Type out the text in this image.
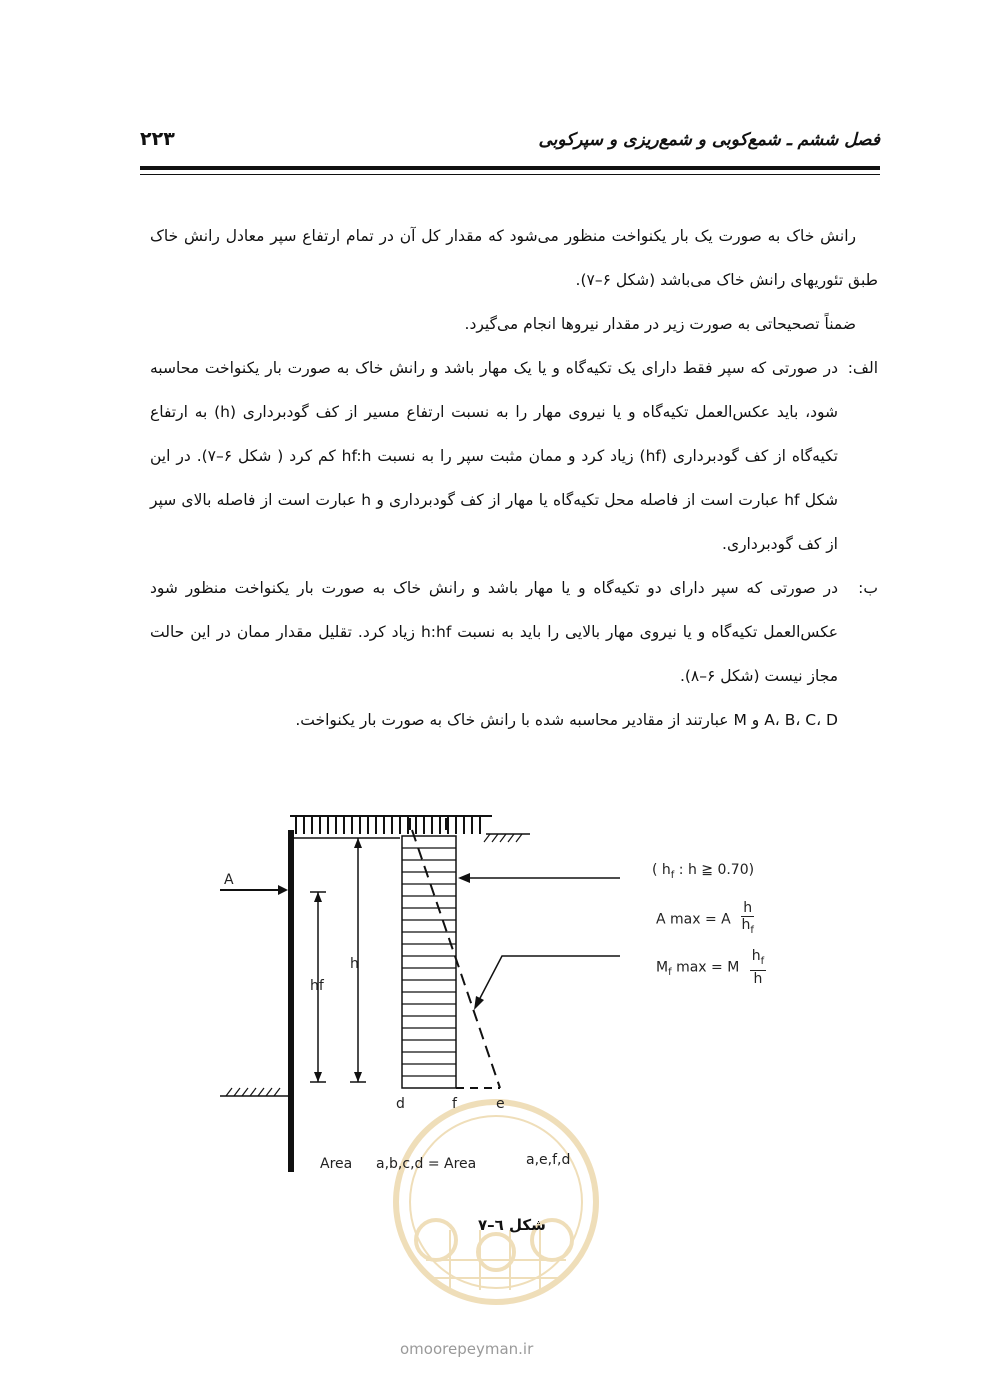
فصل ششم ـ شمع‌کوبی و شمع‌ریزی و سپرکوبی
۲۲۳
رانش خاک به صورت یک بار یکنواخت منظور می‌شود که مقدار کل آن در تمام ارتفاع سپر معادل رانش خاک طبق تئوریهای رانش خاک می‌باشد (شکل ۶–۷).
ضمناً تصحیحاتی به صورت زیر در مقدار نیروها انجام می‌گیرد.
الف:
در صورتی که سپر فقط دارای یک تکیه‌گاه و یا یک مهار باشد و رانش خاک به صورت بار یکنواخت محاسبه شود، باید عکس‌العمل تکیه‌گاه و یا نیروی مهار را به نسبت ارتفاع مسیر از کف گودبرداری (h) به ارتفاع تکیه‌گاه از کف گودبرداری (hf) زیاد کرد و ممان مثبت سپر را به نسبت hf:h کم کرد ( شکل ۶–۷). در این شکل hf عبارت است از فاصله محل تکیه‌گاه یا مهار از کف گودبرداری و h عبارت است از فاصله بالای سپر از کف گودبرداری.
ب:
در صورتی که سپر دارای دو تکیه‌گاه و یا مهار باشد و رانش خاک به صورت بار یکنواخت منظور شود عکس‌العمل تکیه‌گاه و یا نیروی مهار بالایی را باید به نسبت h:hf زیاد کرد. تقلیل مقدار ممان در این حالت مجاز نیست (شکل ۶–۸).
A، B، C، D و M عبارتند از مقادیر محاسبه شده با رانش خاک به صورت بار یکنواخت.
A
hf
h
d	f	e
Area a,b,c,d = Area	a,e,f,d
( $h_f$ : h ≧ 0.70)
A max = A $\frac{h}{h_f}$
$M_f$ max = M $\frac{h_f}{h}$
شکل ٦–٧
omoorepeyman.ir
